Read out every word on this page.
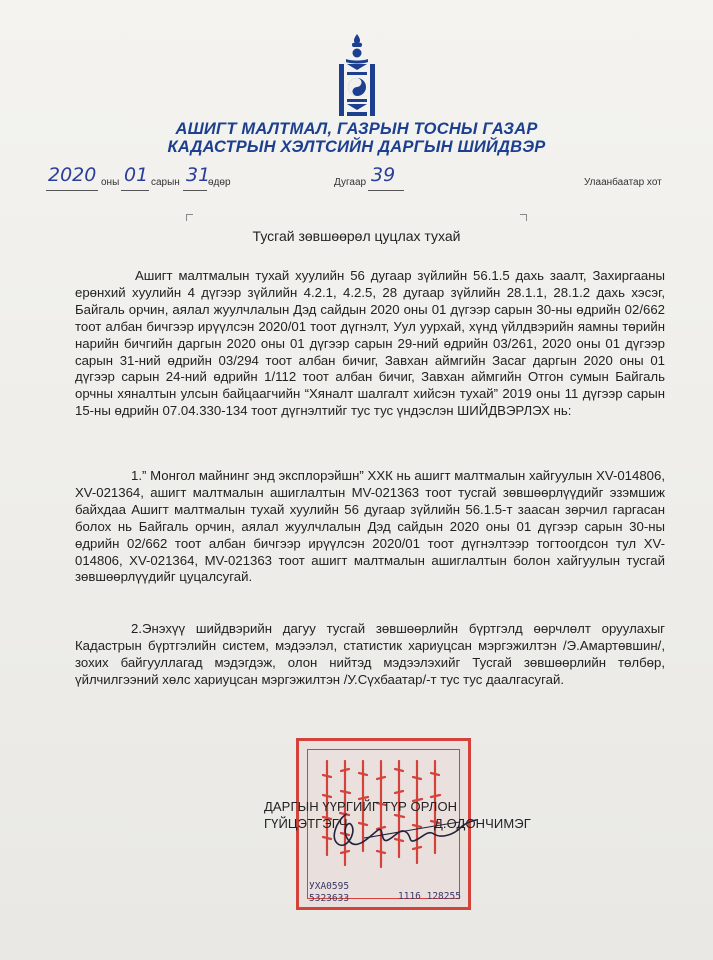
АШИГТ МАЛТМАЛ, ГАЗРЫН ТОСНЫ ГАЗАР
КАДАСТРЫН ХЭЛТСИЙН ДАРГЫН ШИЙДВЭР
2020 оны 01 сарын 31
өдөр	Дугаар 39	Улаанбаатар хот
Тусгай зөвшөөрөл цуцлах тухай

Ашигт малтмалын тухай хуулийн 56 дугаар зүйлийн 56.1.5 дахь заалт, Захиргааны ерөнхий хуулийн 4 дүгээр зүйлийн 4.2.1, 4.2.5, 28 дугаар зүйлийн 28.1.1, 28.1.2 дахь хэсэг, Байгаль орчин, аялал жуулчлалын Дэд сайдын 2020 оны 01 дүгээр сарын 30-ны өдрийн 02/662 тоот албан бичгээр ирүүлсэн 2020/01 тоот дүгнэлт, Уул уурхай, хүнд үйлдвэрийн яамны төрийн нарийн бичгийн даргын 2020 оны 01 дүгээр сарын 29-ний өдрийн 03/261, 2020 оны 01 дүгээр сарын 31-ний өдрийн 03/294 тоот албан бичиг, Завхан аймгийн Засаг даргын 2020 оны 01 дүгээр сарын 24-ний өдрийн 1/112 тоот албан бичиг, Завхан аймгийн Отгон сумын Байгаль орчны хяналтын улсын байцаагчийн “Хяналт шалгалт хийсэн тухай” 2019 оны 11 дүгээр сарын 15-ны өдрийн 07.04.330-134 тоот дүгнэлтийг тус тус үндэслэн ШИЙДВЭРЛЭХ нь:

1.” Монгол майнинг энд эксплорэйшн” ХХК нь ашигт малтмалын хайгуулын XV-014806, XV-021364, ашигт малтмалын ашиглалтын MV-021363 тоот тусгай зөвшөөрлүүдийг эзэмшиж байхдаа Ашигт малтмалын тухай хуулийн 56 дугаар зүйлийн 56.1.5-т заасан зөрчил гаргасан болох нь Байгаль орчин, аялал жуулчлалын Дэд сайдын 2020 оны 01 дүгээр сарын 30-ны өдрийн 02/662 тоот албан бичгээр ирүүлсэн 2020/01 тоот дүгнэлтээр тогтоогдсон тул XV-014806, XV-021364, MV-021363 тоот ашигт малтмалын ашиглалтын болон хайгуулын тусгай зөвшөөрлүүдийг цуцалсугай.

2.Энэхүү шийдвэрийн дагуу тусгай зөвшөөрлийн бүртгэлд өөрчлөлт оруулахыг Кадастрын бүртгэлийн систем, мэдээлэл, статистик хариуцсан мэргэжилтэн /Э.Амартөвшин/, зохих байгууллагад мэдэгдэж, олон нийтэд мэдээлэхийг Тусгай зөвшөөрлийн төлбөр, үйлчилгээний хөлс хариуцсан мэргэжилтэн /У.Сүхбаатар/-т тус тус даалгасугай.

УХА0595
5323633	1116 128255
ДАРГЫН ҮҮРГИЙГ ТҮР ОРЛОН
ГҮЙЦЭТГЭГЧ	Д.ОДОНЧИМЭГ
